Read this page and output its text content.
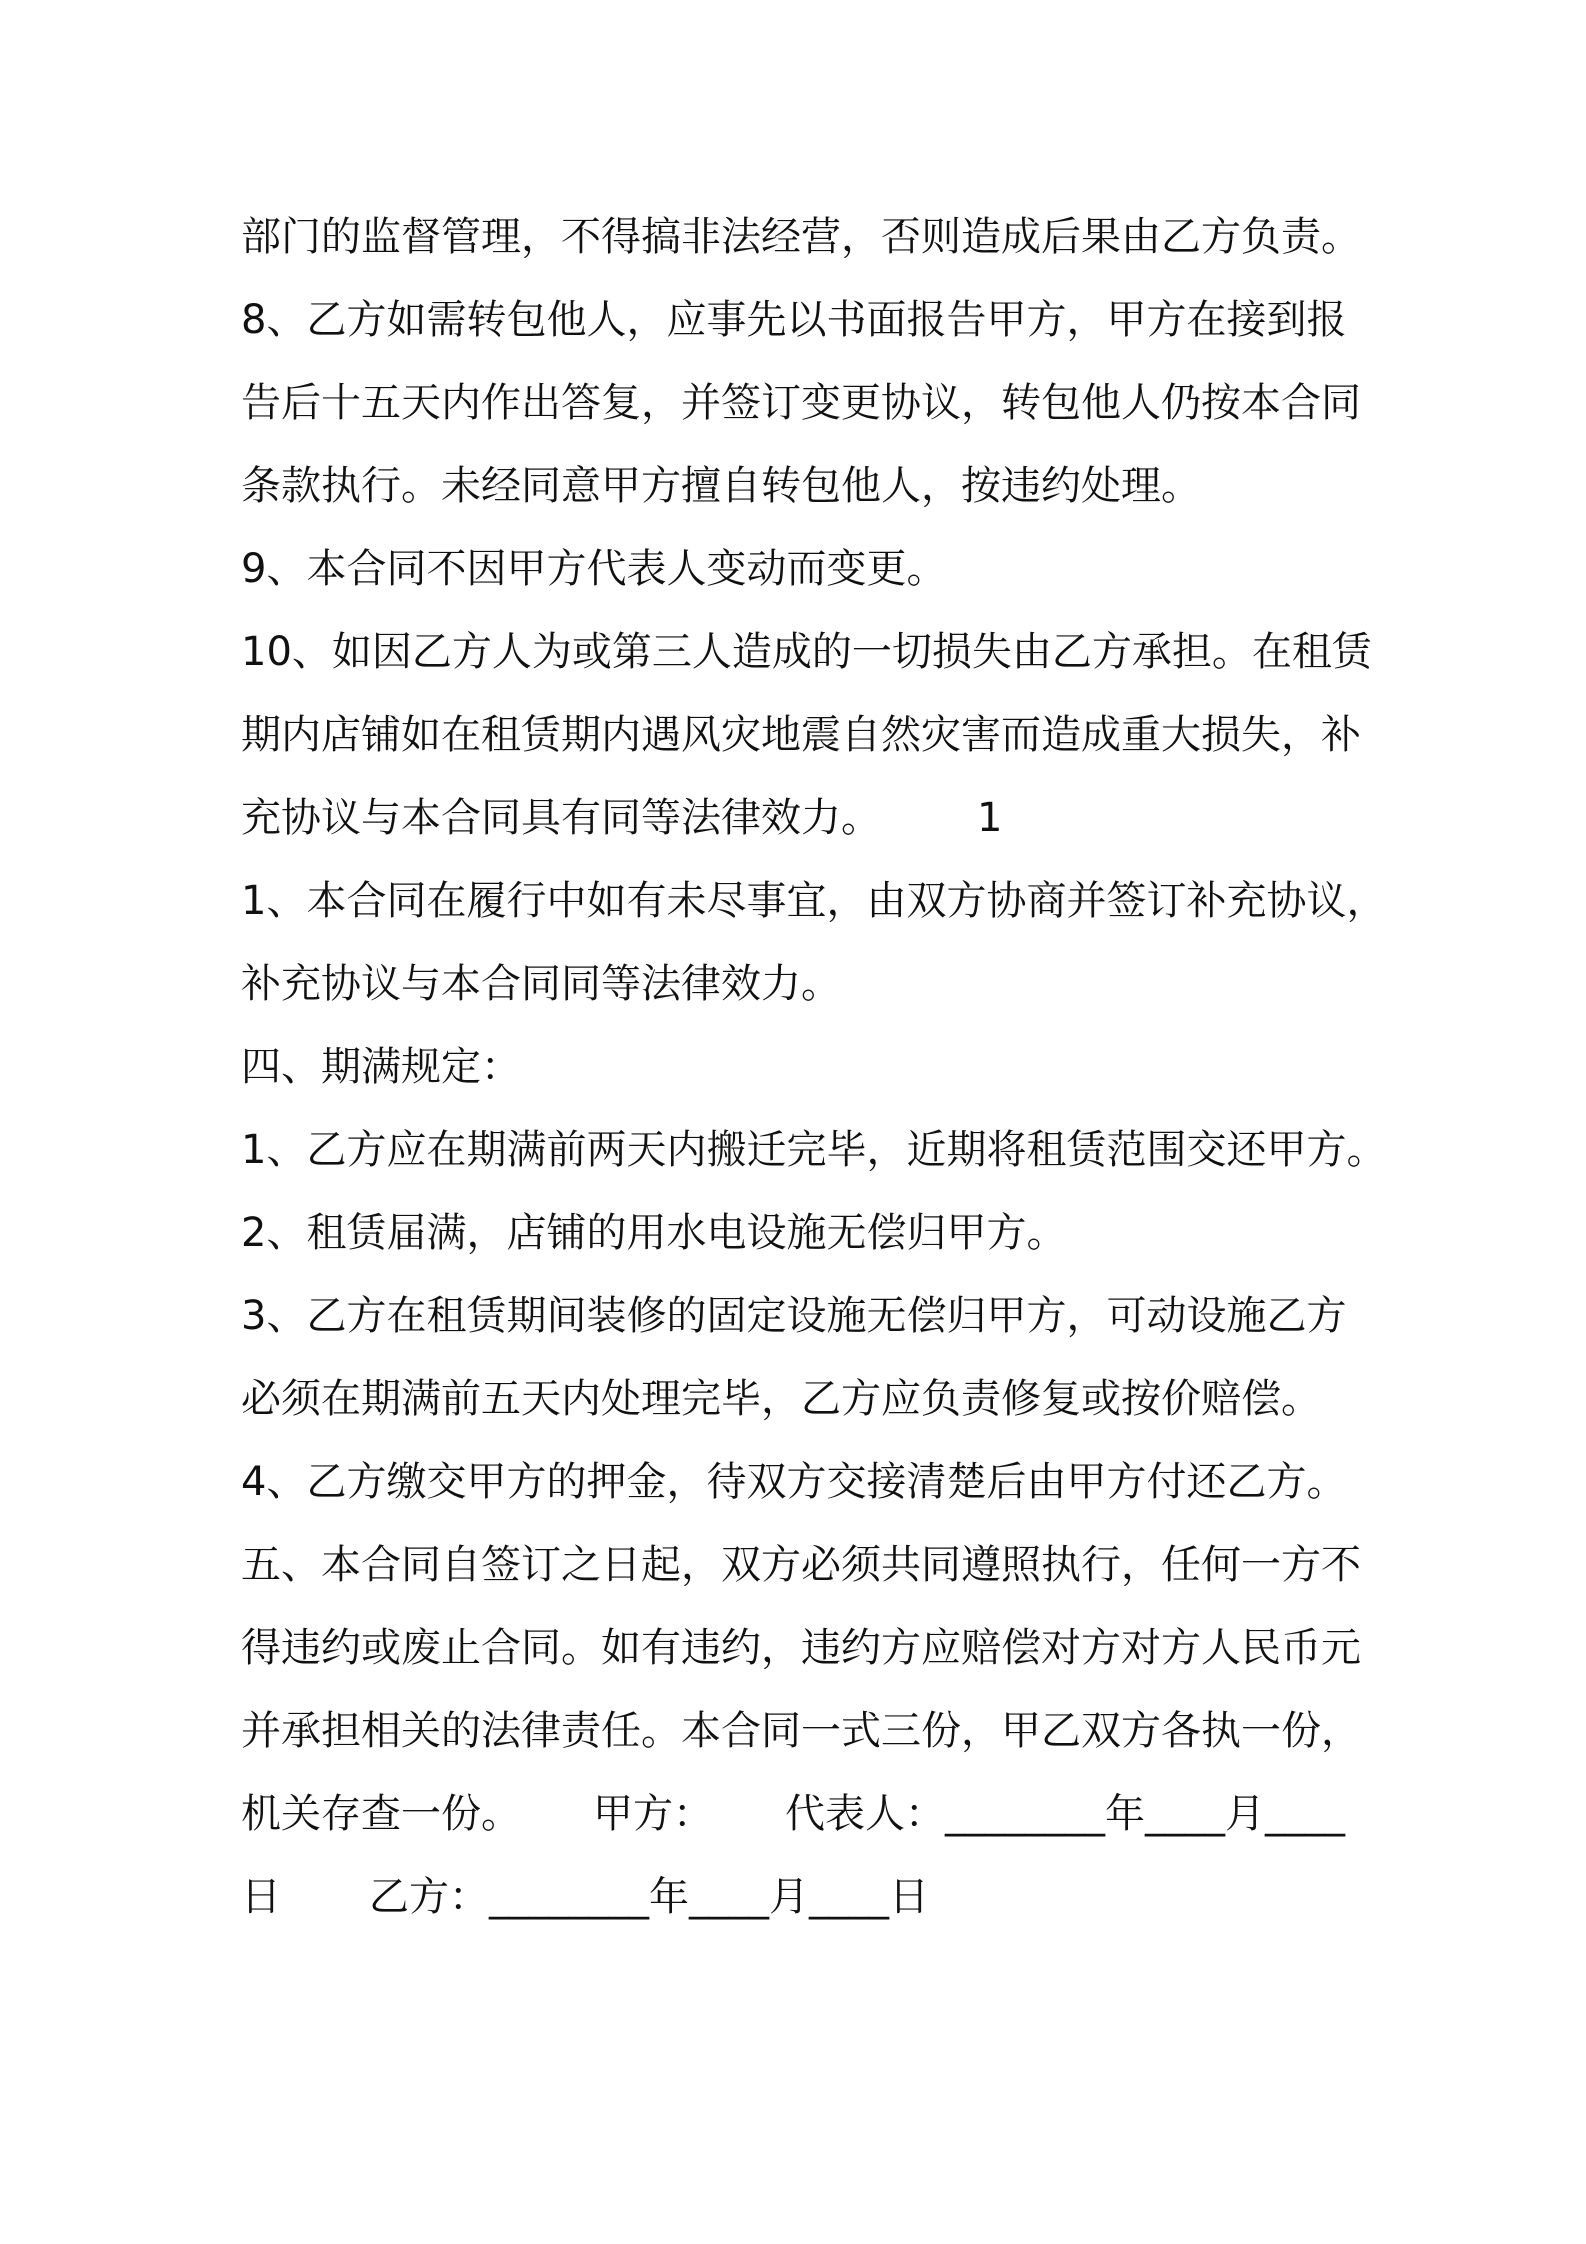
部门的监督管理，不得搞非法经营，否则造成后果由乙方负责。
8、乙方如需转包他人，应事先以书面报告甲方，甲方在接到报
告后十五天内作出答复，并签订变更协议，转包他人仍按本合同
条款执行。未经同意甲方擅自转包他人，按违约处理。
9、本合同不因甲方代表人变动而变更。
10、如因乙方人为或第三人造成的一切损失由乙方承担。在租赁
期内店铺如在租赁期内遇风灾地震自然灾害而造成重大损失，补
充协议与本合同具有同等法律效力。 1
1、本合同在履行中如有未尽事宜，由双方协商并签订补充协议，
补充协议与本合同同等法律效力。
四、期满规定：
1、乙方应在期满前两天内搬迁完毕，近期将租赁范围交还甲方。
2、租赁届满，店铺的用水电设施无偿归甲方。
3、乙方在租赁期间装修的固定设施无偿归甲方，可动设施乙方
必须在期满前五天内处理完毕，乙方应负责修复或按价赔偿。
4、乙方缴交甲方的押金，待双方交接清楚后由甲方付还乙方。
五、本合同自签订之日起，双方必须共同遵照执行，任何一方不
得违约或废止合同。如有违约，违约方应赔偿对方对方人民币元
并承担相关的法律责任。本合同一式三份，甲乙双方各执一份，
机关存查一份。 甲方： 代表人：________年____月____
日 乙方：________年____月____日
